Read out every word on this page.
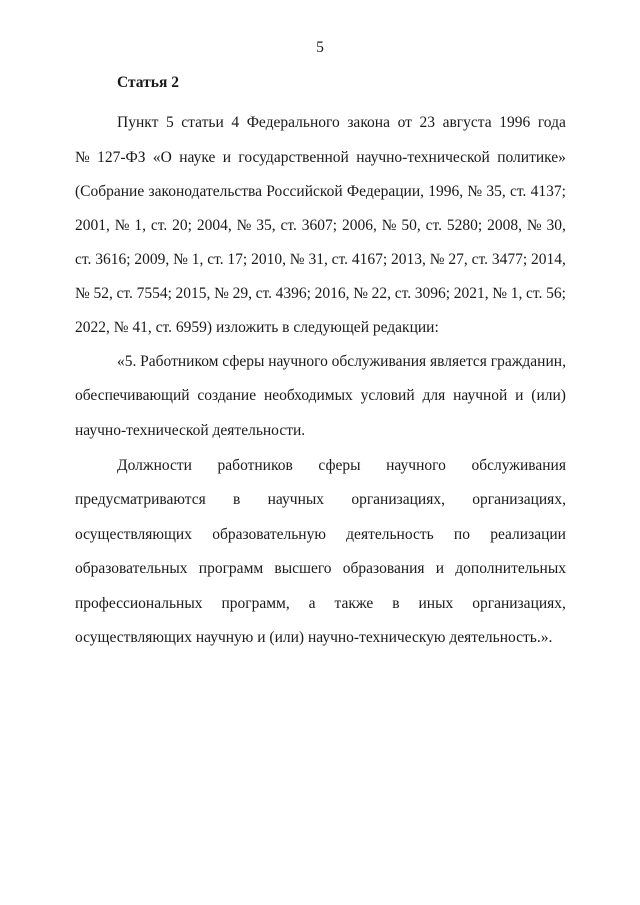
5
Статья 2
Пункт 5 статьи 4 Федерального закона от 23 августа 1996 года
№ 127-ФЗ «О науке и государственной научно-технической политике»
(Собрание законодательства Российской Федерации, 1996, № 35, ст. 4137;
2001, № 1, ст. 20; 2004, № 35, ст. 3607; 2006, № 50, ст. 5280; 2008, № 30,
ст. 3616; 2009, № 1, ст. 17; 2010, № 31, ст. 4167; 2013, № 27, ст. 3477; 2014,
№ 52, ст. 7554; 2015, № 29, ст. 4396; 2016, № 22, ст. 3096; 2021, № 1, ст. 56;
2022, № 41, ст. 6959) изложить в следующей редакции:
«5. Работником сферы научного обслуживания является гражданин,
обеспечивающий создание необходимых условий для научной и (или)
научно-технической деятельности.
Должности работников сферы научного обслуживания
предусматриваются в научных организациях, организациях,
осуществляющих образовательную деятельность по реализации
образовательных программ высшего образования и дополнительных
профессиональных программ, а также в иных организациях,
осуществляющих научную и (или) научно-техническую деятельность.».
